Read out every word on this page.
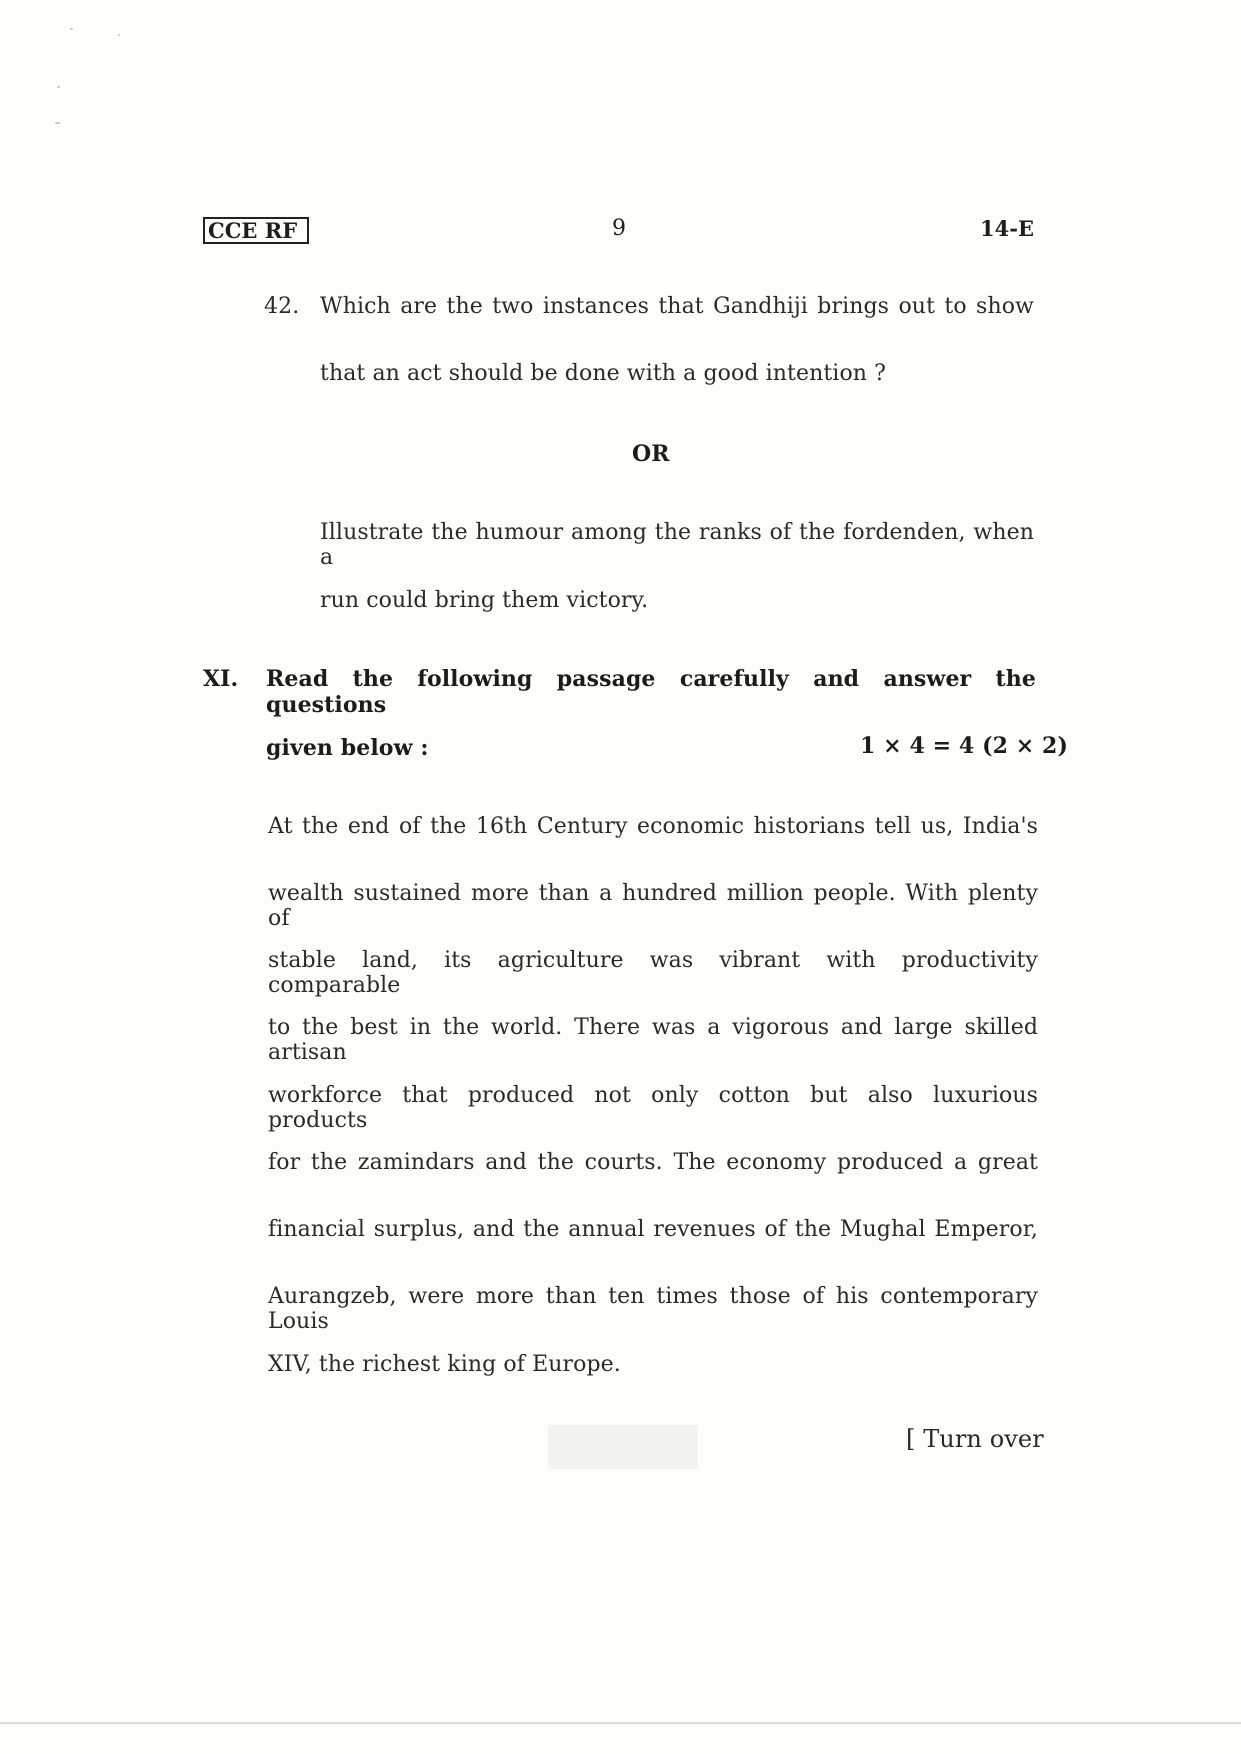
CCE RF	9	14-E
42. Which are the two instances that Gandhiji brings out to show
that an act should be done with a good intention ?
OR
Illustrate the humour among the ranks of the fordenden, when a
run could bring them victory.
XI. Read the following passage carefully and answer the questions
given below :	1 × 4 = 4 (2 × 2)
At the end of the 16th Century economic historians tell us, India's
wealth sustained more than a hundred million people. With plenty of
stable land, its agriculture was vibrant with productivity comparable
to the best in the world. There was a vigorous and large skilled artisan
workforce that produced not only cotton but also luxurious products
for the zamindars and the courts. The economy produced a great
financial surplus, and the annual revenues of the Mughal Emperor,
Aurangzeb, were more than ten times those of his contemporary Louis
XIV, the richest king of Europe.
[ Turn over
